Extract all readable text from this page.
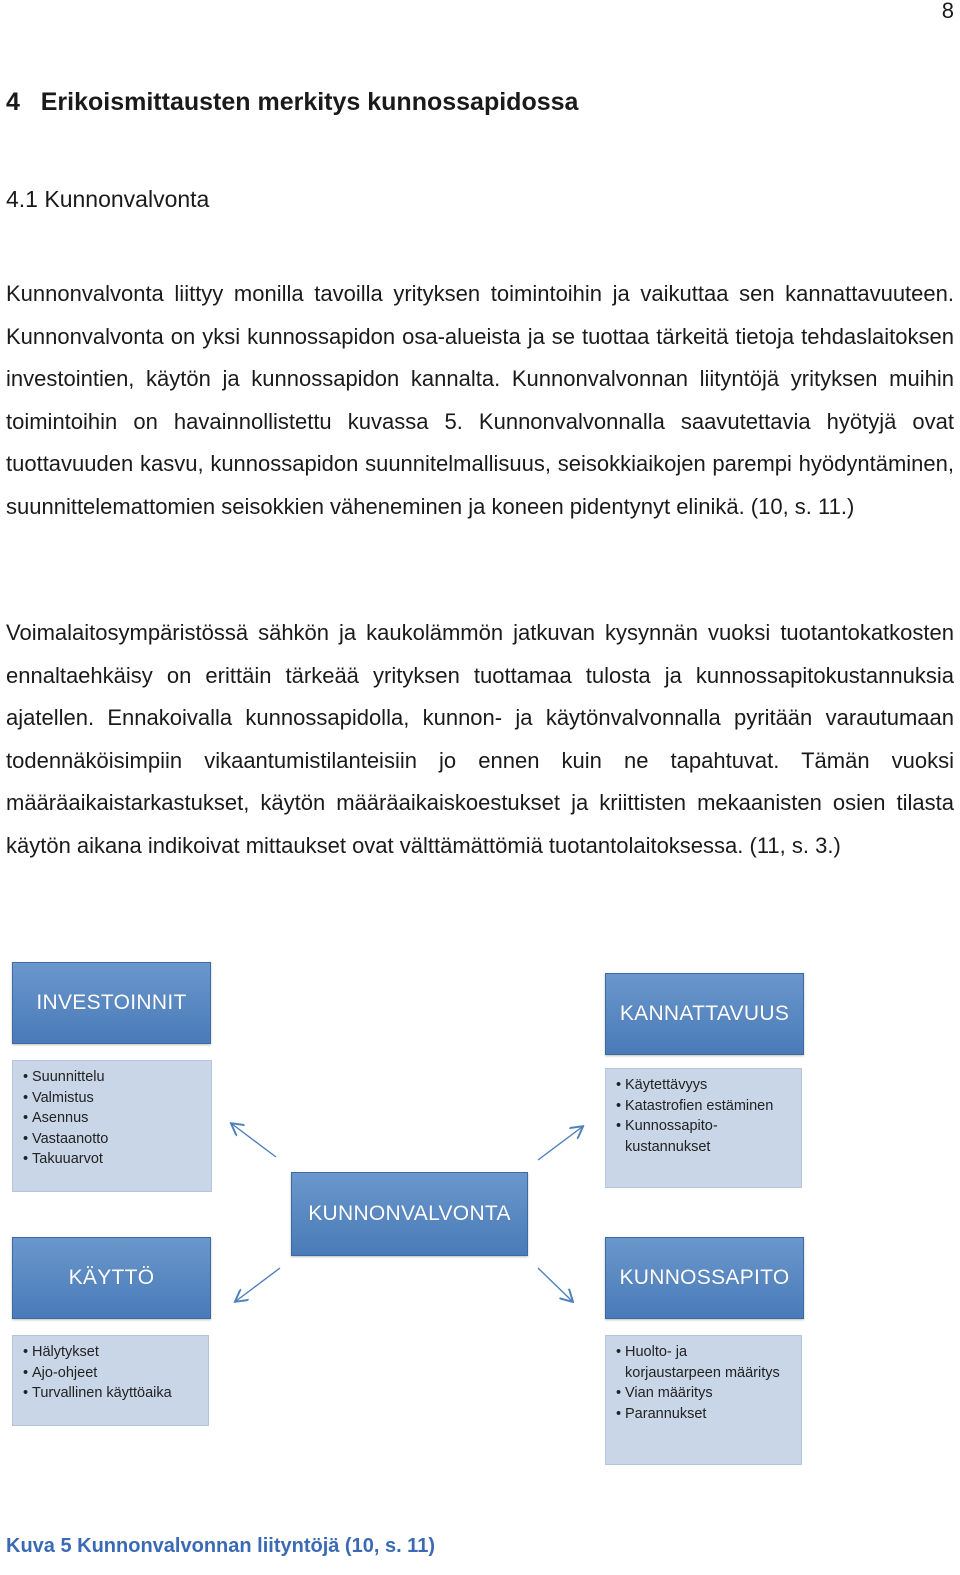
8
4   Erikoismittausten merkitys kunnossapidossa
4.1 Kunnonvalvonta

Kunnonvalvonta liittyy monilla tavoilla yrityksen toimintoihin ja vaikuttaa sen kannattavuuteen. Kunnonvalvonta on yksi kunnossapidon osa-alueista ja se tuottaa tärkeitä tietoja tehdaslaitoksen investointien, käytön ja kunnossapidon kannalta. Kunnonvalvonnan liityntöjä yrityksen muihin toimintoihin on havainnollistettu kuvassa 5. Kunnonvalvonnalla saavutettavia hyötyjä ovat tuottavuuden kasvu, kunnossapidon suunnitelmallisuus, seisokkiaikojen parempi hyödyntäminen, suunnittelemattomien seisokkien väheneminen ja koneen pidentynyt elinikä. (10, s. 11.)

Voimalaitosympäristössä sähkön ja kaukolämmön jatkuvan kysynnän vuoksi tuotantokatkosten ennaltaehkäisy on erittäin tärkeää yrityksen tuottamaa tulosta ja kunnossapitokustannuksia ajatellen. Ennakoivalla kunnossapidolla, kunnon- ja käytönvalvonnalla pyritään varautumaan todennäköisimpiin vikaantumistilanteisiin jo ennen kuin ne tapahtuvat. Tämän vuoksi määräaikaistarkastukset, käytön määräaikaiskoestukset ja kriittisten mekaanisten osien tilasta käytön aikana indikoivat mittaukset ovat välttämättömiä tuotantolaitoksessa. (11, s. 3.)

INVESTOINNIT
• Suunnittelu
• Valmistus
• Asennus
• Vastaanotto
• Takuuarvot
KANNATTAVUUS
• Käytettävyys
• Katastrofien estäminen
• Kunnossapito-
kustannukset
KUNNONVALVONTA
KÄYTTÖ
• Hälytykset
• Ajo-ohjeet
• Turvallinen käyttöaika
KUNNOSSAPITO
• Huolto- ja
korjaustarpeen määritys
• Vian määritys
• Parannukset

Kuva 5 Kunnonvalvonnan liityntöjä (10, s. 11)
